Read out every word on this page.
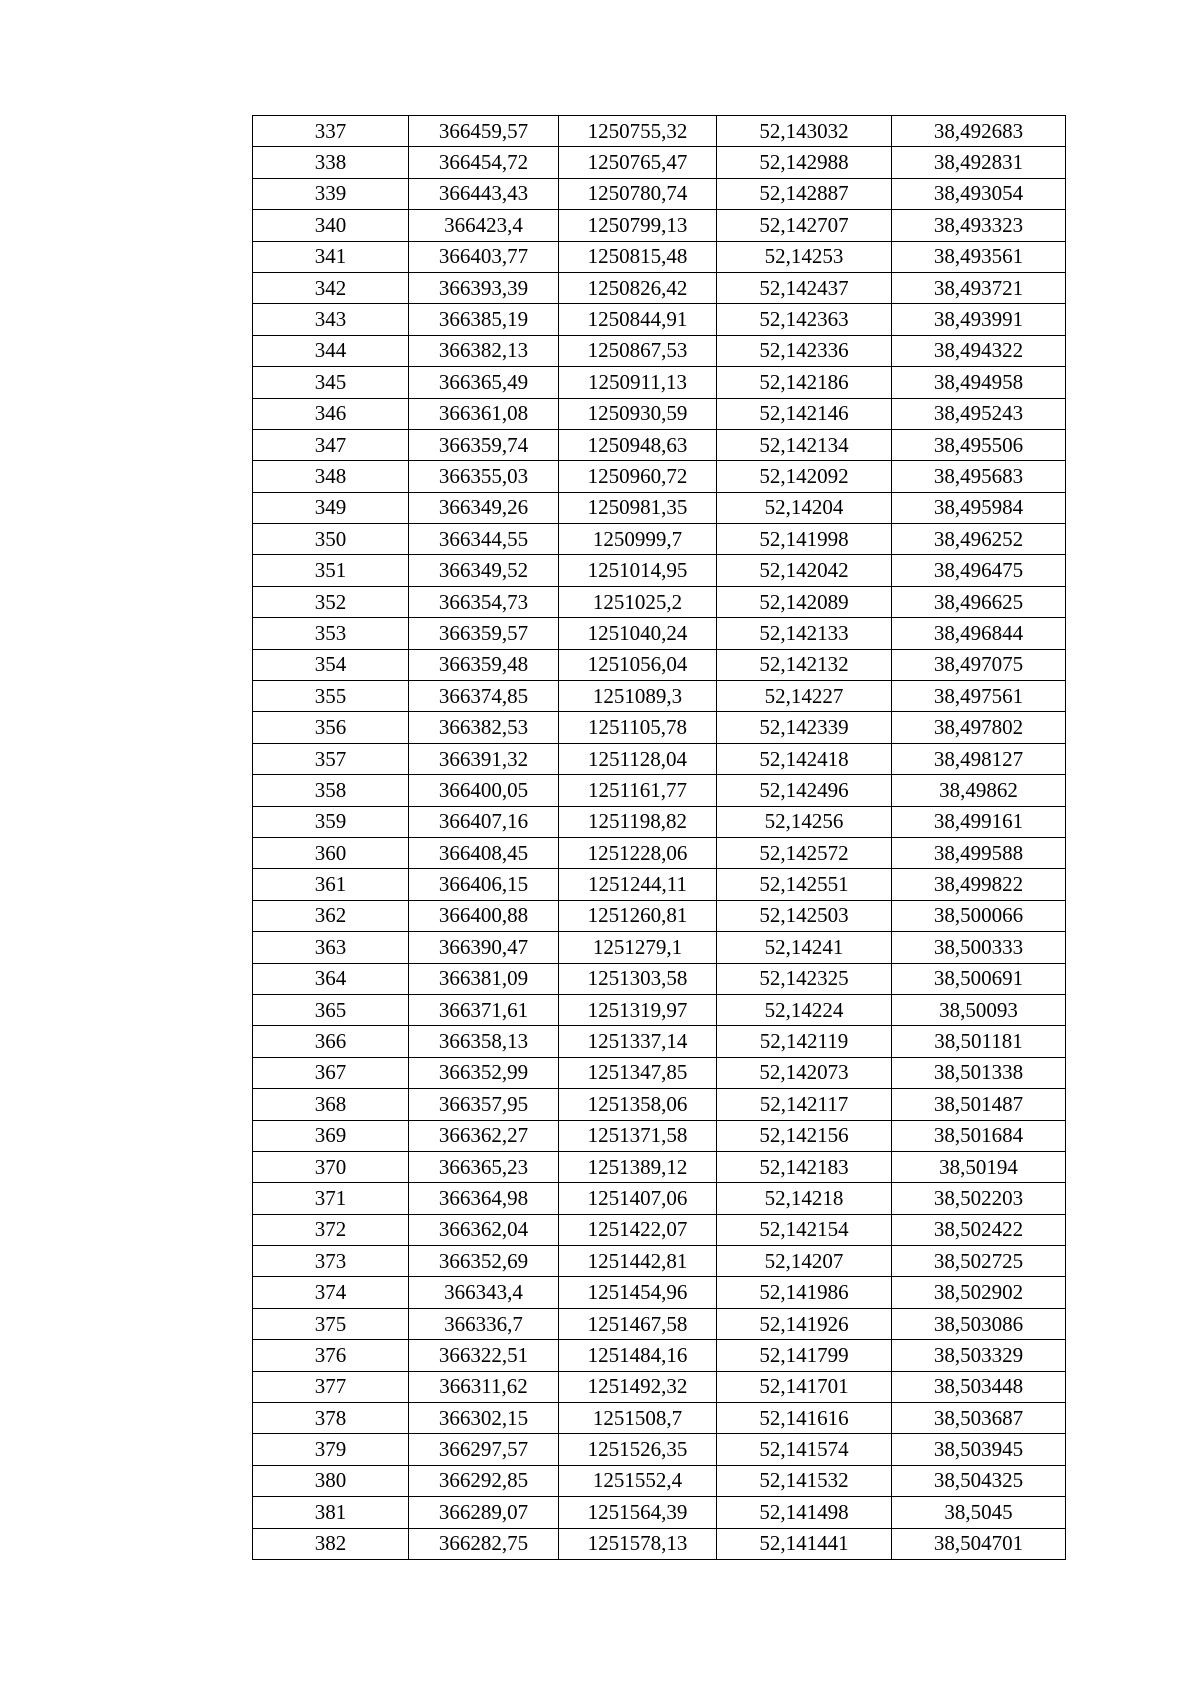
337	366459,57	1250755,32	52,143032	38,492683
338	366454,72	1250765,47	52,142988	38,492831
339	366443,43	1250780,74	52,142887	38,493054
340	366423,4	1250799,13	52,142707	38,493323
341	366403,77	1250815,48	52,14253	38,493561
342	366393,39	1250826,42	52,142437	38,493721
343	366385,19	1250844,91	52,142363	38,493991
344	366382,13	1250867,53	52,142336	38,494322
345	366365,49	1250911,13	52,142186	38,494958
346	366361,08	1250930,59	52,142146	38,495243
347	366359,74	1250948,63	52,142134	38,495506
348	366355,03	1250960,72	52,142092	38,495683
349	366349,26	1250981,35	52,14204	38,495984
350	366344,55	1250999,7	52,141998	38,496252
351	366349,52	1251014,95	52,142042	38,496475
352	366354,73	1251025,2	52,142089	38,496625
353	366359,57	1251040,24	52,142133	38,496844
354	366359,48	1251056,04	52,142132	38,497075
355	366374,85	1251089,3	52,14227	38,497561
356	366382,53	1251105,78	52,142339	38,497802
357	366391,32	1251128,04	52,142418	38,498127
358	366400,05	1251161,77	52,142496	38,49862
359	366407,16	1251198,82	52,14256	38,499161
360	366408,45	1251228,06	52,142572	38,499588
361	366406,15	1251244,11	52,142551	38,499822
362	366400,88	1251260,81	52,142503	38,500066
363	366390,47	1251279,1	52,14241	38,500333
364	366381,09	1251303,58	52,142325	38,500691
365	366371,61	1251319,97	52,14224	38,50093
366	366358,13	1251337,14	52,142119	38,501181
367	366352,99	1251347,85	52,142073	38,501338
368	366357,95	1251358,06	52,142117	38,501487
369	366362,27	1251371,58	52,142156	38,501684
370	366365,23	1251389,12	52,142183	38,50194
371	366364,98	1251407,06	52,14218	38,502203
372	366362,04	1251422,07	52,142154	38,502422
373	366352,69	1251442,81	52,14207	38,502725
374	366343,4	1251454,96	52,141986	38,502902
375	366336,7	1251467,58	52,141926	38,503086
376	366322,51	1251484,16	52,141799	38,503329
377	366311,62	1251492,32	52,141701	38,503448
378	366302,15	1251508,7	52,141616	38,503687
379	366297,57	1251526,35	52,141574	38,503945
380	366292,85	1251552,4	52,141532	38,504325
381	366289,07	1251564,39	52,141498	38,5045
382	366282,75	1251578,13	52,141441	38,504701
